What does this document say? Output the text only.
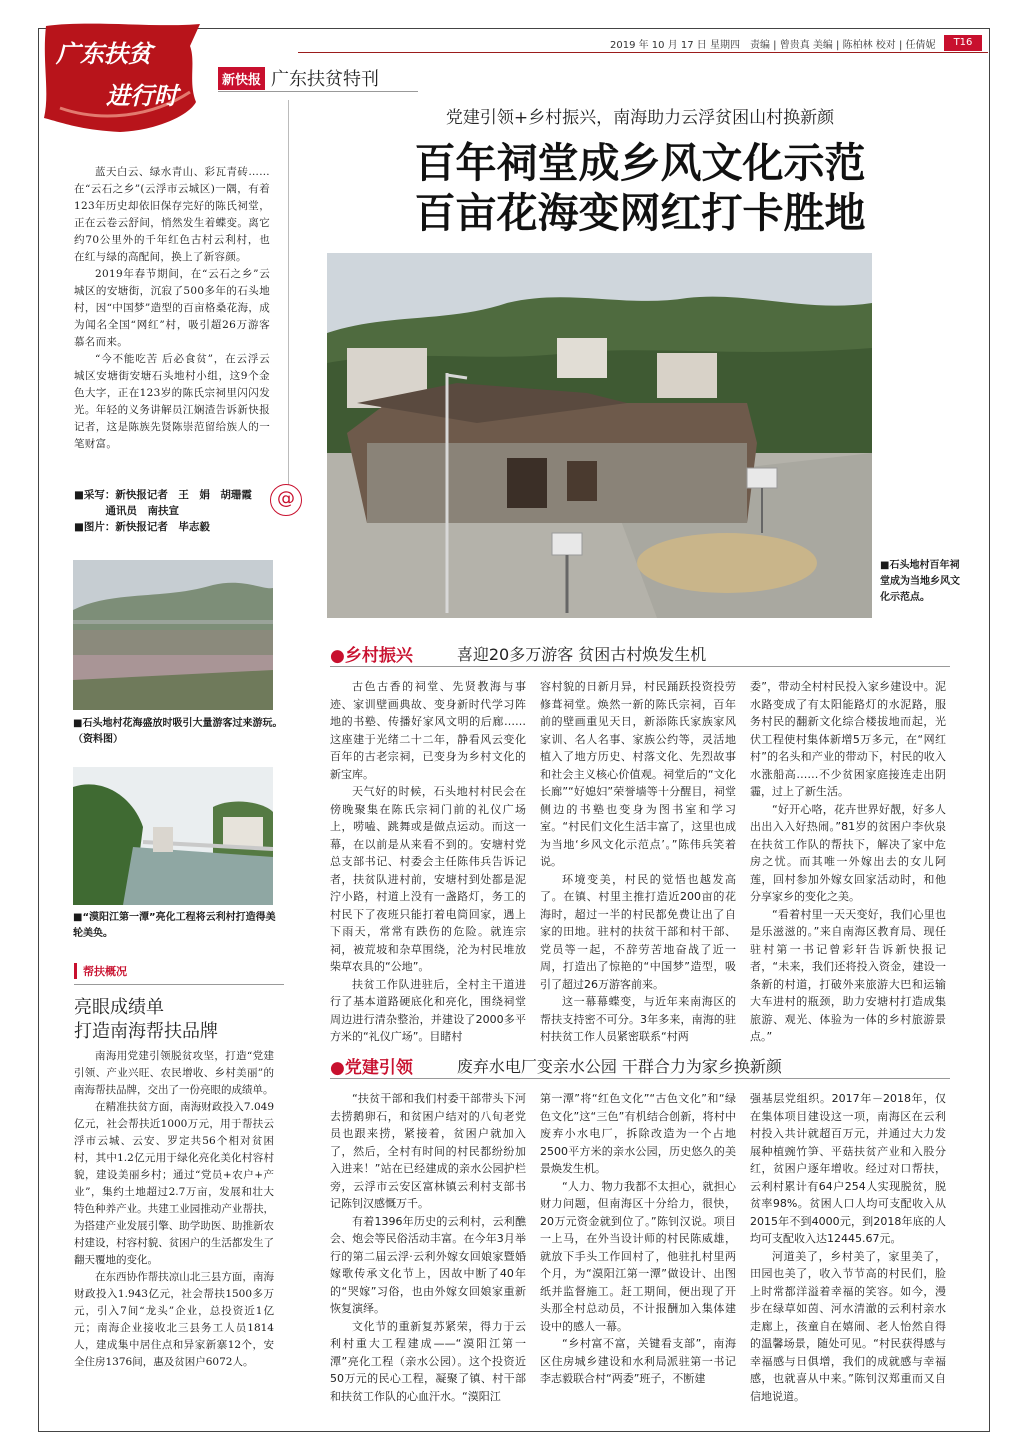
广东扶贫
进行时
2019 年 10 月 17 日 星期四　责编 | 曾贵真 美编 | 陈柏林 校对 | 任倩妮	T16
新快报 广东扶贫特刊
党建引领+乡村振兴，南海助力云浮贫困山村换新颜
百年祠堂成乡风文化示范
百亩花海变网红打卡胜地

蓝天白云、绿水青山、彩瓦青砖……在“云石之乡”(云浮市云城区)一隅，有着123年历史却依旧保存完好的陈氏祠堂，正在云卷云舒间，悄然发生着蝶变。离它约70公里外的千年红色古村云利村，也在红与绿的高配间，换上了新容颜。

2019年春节期间，在“云石之乡”云城区的安塘街，沉寂了500多年的石头地村，因“中国梦”造型的百亩格桑花海，成为闻名全国“网红”村，吸引超26万游客慕名而来。

“今不能吃苦 后必食贫”，在云浮云城区安塘街安塘石头地村小组，这9个金色大字，正在123岁的陈氏宗祠里闪闪发光。年轻的义务讲解员江娴渣告诉新快报记者，这是陈族先贤陈崇范留给族人的一笔财富。

■采写：新快报记者　王　娟　胡珊霞
　　　通讯员　南扶宣
■图片：新快报记者　毕志毅
@
■石头地村百年祠堂成为当地乡风文化示范点。
■石头地村花海盛放时吸引大量游客过来游玩。　　　（资料图）
■“漠阳江第一潭”亮化工程将云利村打造得美轮美奂。
●乡村振兴	喜迎20多万游客 贫困古村焕发生机

古色古香的祠堂、先贤教海与事迹、家训壁画典故、变身新时代学习阵地的书塾、传播好家风文明的后廊……这座建于光绪二十二年，静看风云变化百年的古老宗祠，已变身为乡村文化的新宝库。

天气好的时候，石头地村村民会在傍晚聚集在陈氏宗祠门前的礼仪广场上，唠嗑、跳舞或是做点运动。而这一幕，在以前是从来看不到的。安塘村党总支部书记、村委会主任陈伟兵告诉记者，扶贫队进村前，安塘村到处都是泥泞小路，村道上没有一盏路灯，务工的村民下了夜班只能打着电筒回家，遇上下雨天，常常有跌伤的危险。就连宗祠，被荒坡和杂草围绕，沦为村民堆放柴草农具的“公地”。

扶贫工作队进驻后，全村主干道进行了基本道路硬底化和亮化，围绕祠堂周边进行清杂整治，并建设了2000多平方米的“礼仪广场”。目睹村

容村貌的日新月异，村民踊跃投资投劳修葺祠堂。焕然一新的陈氏宗祠，百年前的壁画重见天日，新添陈氏家族家风家训、名人名事、家族公约等，灵活地植入了地方历史、村落文化、先烈故事和社会主义核心价值观。祠堂后的“文化长廊”“好媳妇”荣誉墙等十分醒目，祠堂侧边的书塾也变身为图书室和学习室。“村民们文化生活丰富了，这里也成为当地‘乡风文化示范点’。”陈伟兵笑着说。

环境变美，村民的觉悟也越发高了。在镇、村里主推打造近200亩的花海时，超过一半的村民都免费让出了自家的田地。驻村的扶贫干部和村干部、党员等一起，不辞劳苦地奋战了近一周，打造出了惊艳的“中国梦”造型，吸引了超过26万游客前来。

这一幕幕蝶变，与近年来南海区的帮扶支持密不可分。3年多来，南海的驻村扶贫工作人员紧密联系“村两

委”，带动全村村民投入家乡建设中。泥水路变成了有太阳能路灯的水泥路，服务村民的翻新文化综合楼拔地而起，光伏工程使村集体新增5万多元，在“网红村”的名头和产业的带动下，村民的收入水涨船高……不少贫困家庭接连走出阴霾，过上了新生活。

“好开心咯，花卉世界好靓，好多人出出入入好热闹。”81岁的贫困户李伙泉在扶贫工作队的帮扶下，解决了家中危房之忧。而其唯一外嫁出去的女儿阿莲，回村参加外嫁女回家活动时，和他分享家乡的变化之美。

“看着村里一天天变好，我们心里也是乐滋滋的。”来自南海区教育局、现任驻村第一书记曾彩轩告诉新快报记者，“未来，我们还将投入资金，建设一条新的村道，打破外来旅游大巴和运输大车进村的瓶颈，助力安塘村打造成集旅游、观光、体验为一体的乡村旅游景点。”

●党建引领	废弃水电厂变亲水公园 干群合力为家乡换新颜

“扶贫干部和我们村委干部带头下河去捞鹅卵石，和贫困户结对的八旬老党员也跟来捞，紧接着，贫困户就加入了，然后，全村有时间的村民都纷纷加入进来！”站在已经建成的亲水公园护栏旁，云浮市云安区富林镇云利村支部书记陈钊汉感慨万千。

有着1396年历史的云利村，云利醮会、炮会等民俗活动丰富。在今年3月举行的第二届云浮·云利外嫁女回娘家暨婚嫁歌传承文化节上，因故中断了40年的“哭嫁”习俗，也由外嫁女回娘家重新恢复演绎。

文化节的重新复苏紧荣，得力于云利村重大工程建成——“漠阳江第一潭”亮化工程（亲水公园）。这个投资近50万元的民心工程，凝聚了镇、村干部和扶贫工作队的心血汗水。“漠阳江

第一潭”将“红色文化”“古色文化”和“绿色文化”这“三色”有机结合创新，将村中废弃小水电厂，拆除改造为一个占地2500平方米的亲水公园，历史悠久的美景焕发生机。

“人力、物力我都不太担心，就担心财力问题，但南海区十分给力，很快，20万元资金就到位了。”陈钊汉说。项目一上马，在外当设计师的村民陈威雄，就放下手头工作回村了，他驻扎村里两个月，为“漠阳江第一潭”做设计、出图纸并监督施工。赶工期间，便出现了开头那全村总动员，不计报酬加入集体建设中的感人一幕。

“乡村富不富，关键看支部”，南海区住房城乡建设和水利局派驻第一书记李志毅联合村“两委”班子，不断建

强基层党组织。2017年－2018年，仅在集体项目建设这一项，南海区在云利村投入共计就超百万元，并通过大力发展种植豌竹笋、平菇扶贫产业和入股分红，贫困户逐年增收。经过对口帮扶，云利村累计有64户254人实现脱贫，脱贫率98%。贫困人口人均可支配收入从2015年不到4000元，到2018年底的人均可支配收入达12445.67元。

河道美了，乡村美了，家里美了，田园也美了，收入节节高的村民们，脸上时常都洋溢着幸福的笑容。如今，漫步在绿草如茵、河水清澈的云利村亲水走廊上，孩童自在嬉闹、老人怡然自得的温馨场景，随处可见。“村民获得感与幸福感与日俱增，我们的成就感与幸福感，也就喜从中来。”陈钊汉郑重而又自信地说道。

帮扶概况
亮眼成绩单
打造南海帮扶品牌

南海用党建引领脱贫攻坚，打造“党建引领、产业兴旺、农民增收、乡村美丽”的南海帮扶品牌，交出了一份亮眼的成绩单。

在精准扶贫方面，南海财政投入7.049亿元，社会帮扶近1000万元，用于帮扶云浮市云城、云安、罗定共56个相对贫困村，其中1.2亿元用于绿化亮化美化村容村貌，建设美丽乡村；通过“党员+农户+产业”，集约土地超过2.7万亩，发展和壮大特色种养产业。共建工业园推动产业帮扶，为搭建产业发展引擎、助学助医、助推新农村建设，村容村貌、贫困户的生活都发生了翻天覆地的变化。

在东西协作帮扶凉山北三县方面，南海财政投入1.943亿元，社会帮扶1500多万元，引入7间“龙头”企业，总投资近1亿元；南海企业接收北三县务工人员1814人，建成集中居住点和异家新寨12个，安全住房1376间，惠及贫困户6072人。
